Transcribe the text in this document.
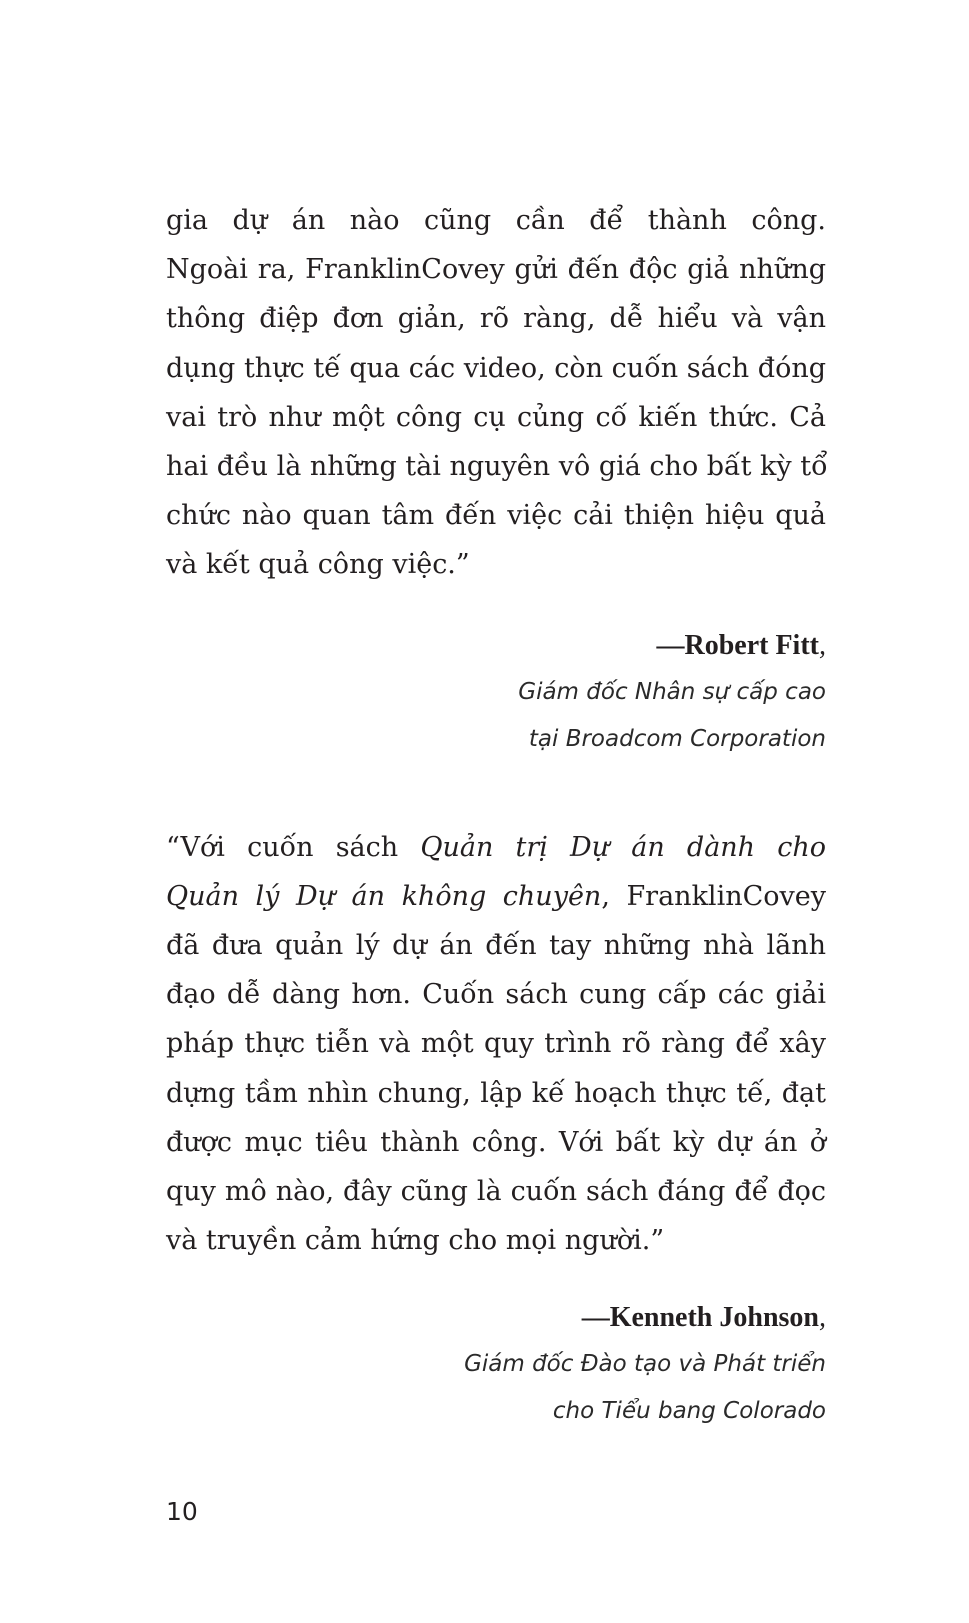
gia dự án nào cũng cần để thành công.
Ngoài ra, FranklinCovey gửi đến độc giả những
thông điệp đơn giản, rõ ràng, dễ hiểu và vận
dụng thực tế qua các video, còn cuốn sách đóng
vai trò như một công cụ củng cố kiến thức. Cả
hai đều là những tài nguyên vô giá cho bất kỳ tổ
chức nào quan tâm đến việc cải thiện hiệu quả
và kết quả công việc.”

—Robert Fitt,
Giám đốc Nhân sự cấp cao
tại Broadcom Corporation

“Với cuốn sách Quản trị Dự án dành cho
Quản lý Dự án không chuyên, FranklinCovey
đã đưa quản lý dự án đến tay những nhà lãnh
đạo dễ dàng hơn. Cuốn sách cung cấp các giải
pháp thực tiễn và một quy trình rõ ràng để xây
dựng tầm nhìn chung, lập kế hoạch thực tế, đạt
được mục tiêu thành công. Với bất kỳ dự án ở
quy mô nào, đây cũng là cuốn sách đáng để đọc
và truyền cảm hứng cho mọi người.”

—Kenneth Johnson,
Giám đốc Đào tạo và Phát triển
cho Tiểu bang Colorado

10
